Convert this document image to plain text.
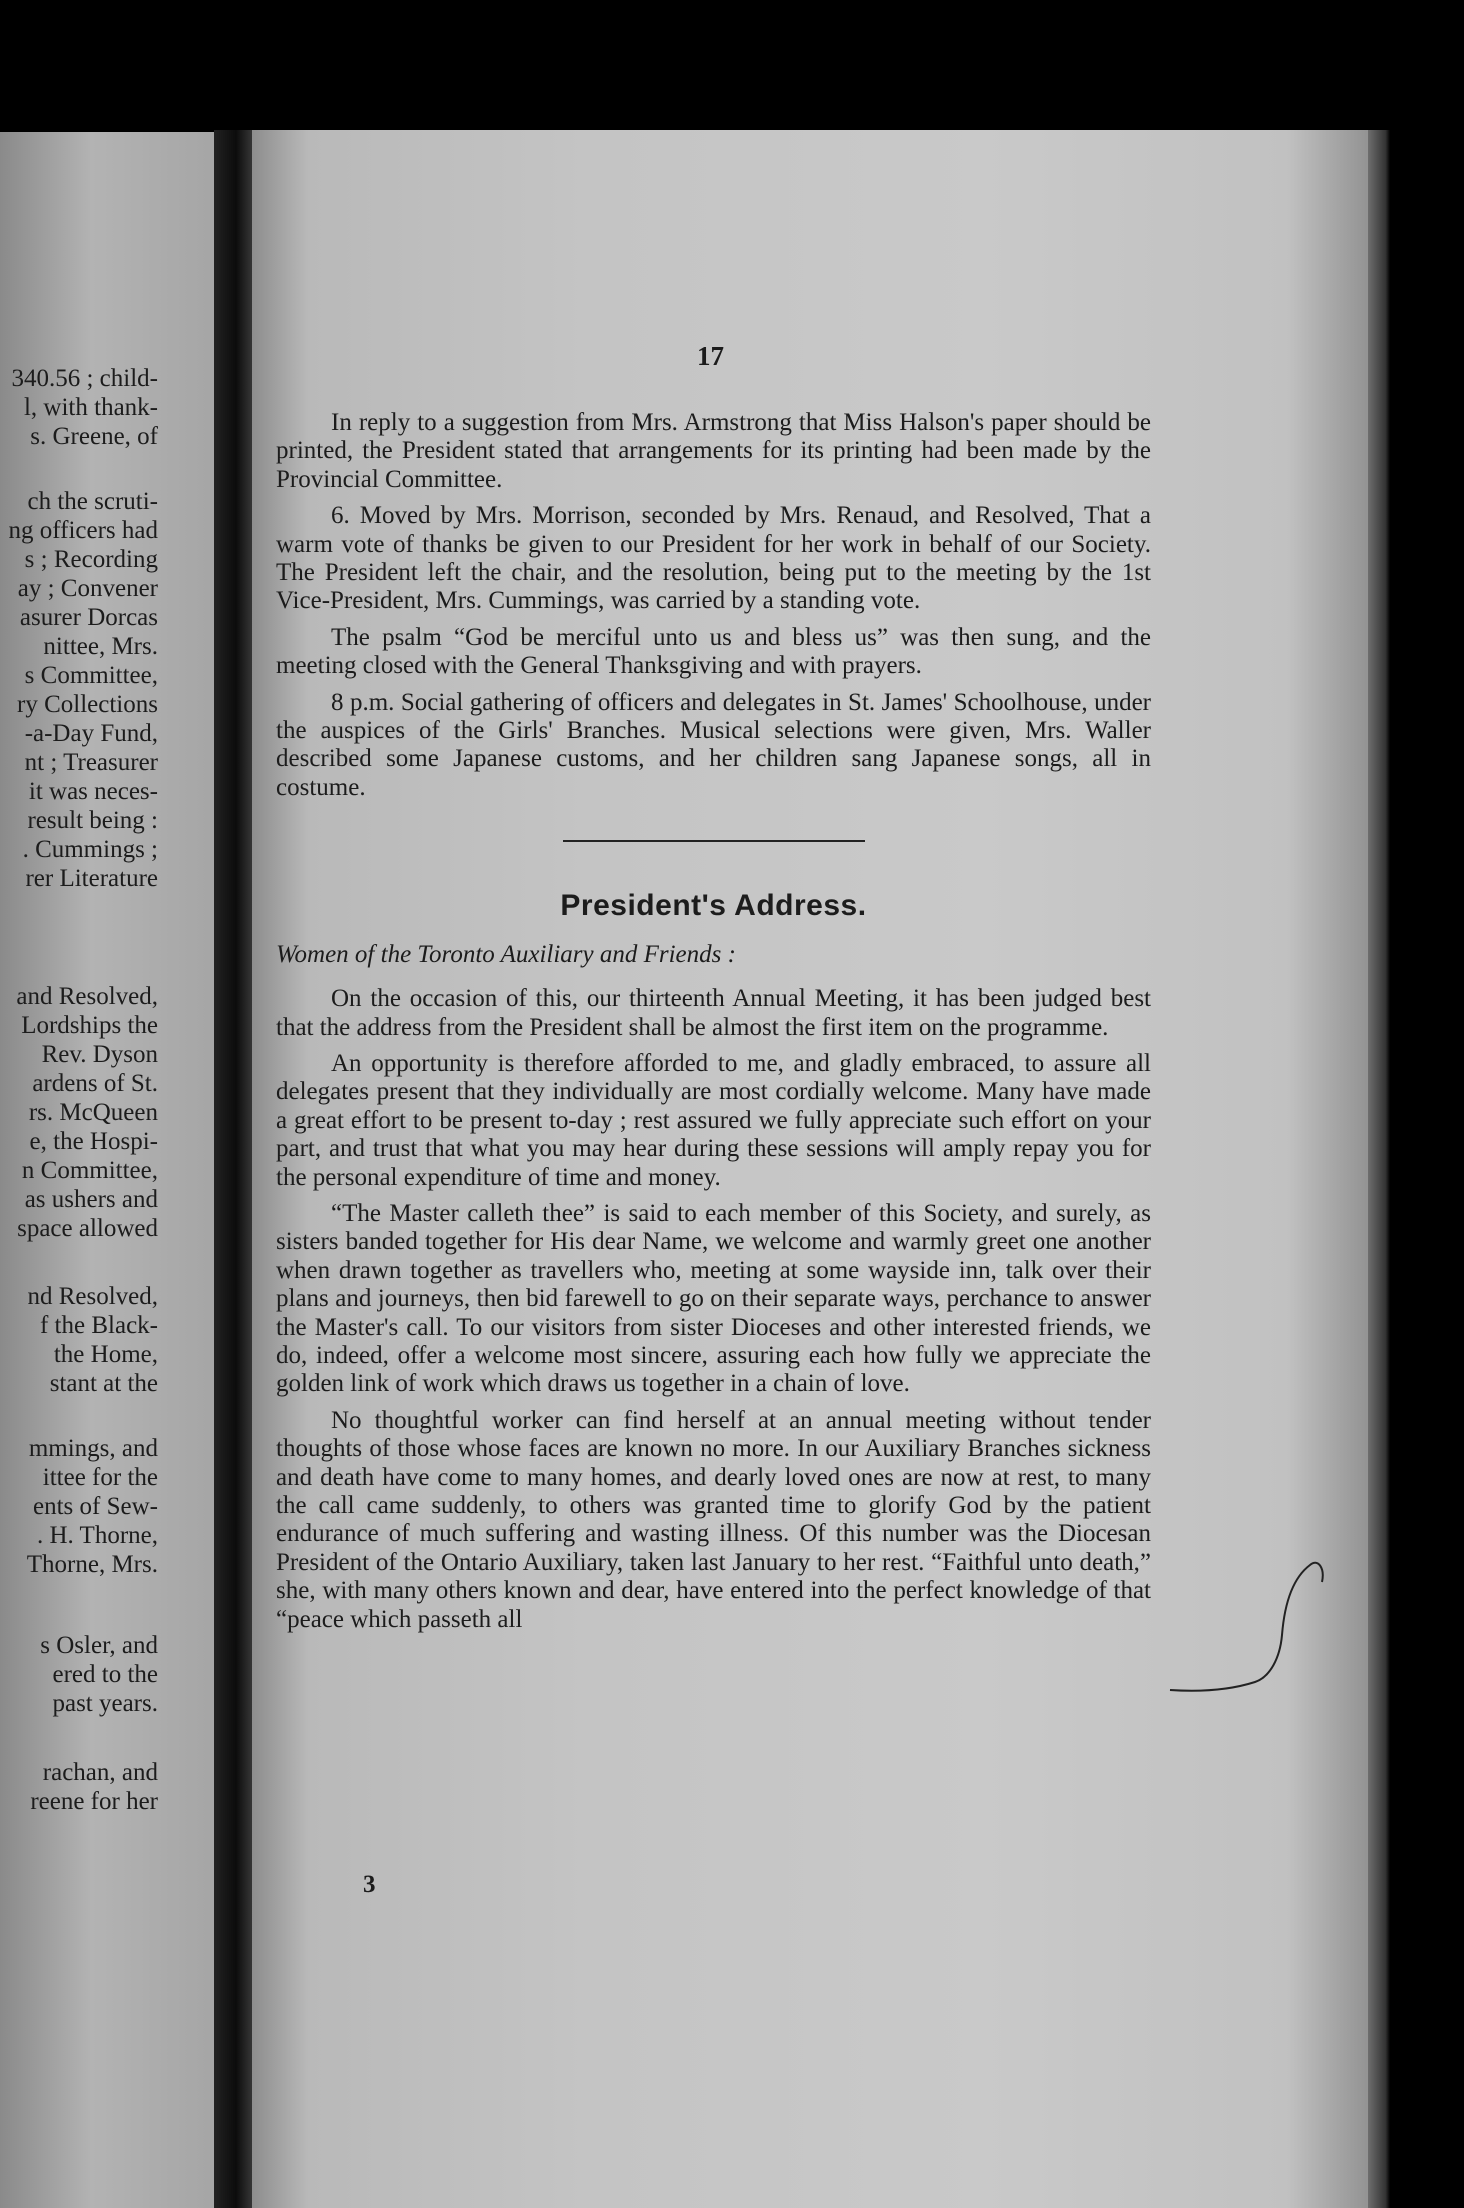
340.56 ; child-
l, with thank-
s. Greene, of
ch the scruti-
ng officers had
s ; Recording
ay ; Convener
asurer Dorcas
nittee, Mrs.
s Committee,
ry Collections
-a-Day Fund,
nt ; Treasurer
it was neces-
result being :
. Cummings ;
rer Literature
and Resolved,
Lordships the
Rev. Dyson
ardens of St.
rs. McQueen
e, the Hospi-
n Committee,
as ushers and
space allowed
nd Resolved,
f the Black-
the Home,
stant at the
mmings, and
ittee for the
ents of Sew-
. H. Thorne,
Thorne, Mrs.
s Osler, and
ered to the
past years.
rachan, and
reene for her
17

In reply to a suggestion from Mrs. Armstrong that Miss Halson's paper should be printed, the President stated that arrangements for its printing had been made by the Provincial Committee.

6. Moved by Mrs. Morrison, seconded by Mrs. Renaud, and Resolved, That a warm vote of thanks be given to our President for her work in behalf of our Society. The President left the chair, and the resolution, being put to the meeting by the 1st Vice-President, Mrs. Cummings, was carried by a standing vote.

The psalm “God be merciful unto us and bless us” was then sung, and the meeting closed with the General Thanksgiving and with prayers.

8 p.m. Social gathering of officers and delegates in St. James' Schoolhouse, under the auspices of the Girls' Branches. Musical selections were given, Mrs. Waller described some Japanese customs, and her children sang Japanese songs, all in costume.

President's Address.

Women of the Toronto Auxiliary and Friends :

On the occasion of this, our thirteenth Annual Meeting, it has been judged best that the address from the President shall be almost the first item on the programme.

An opportunity is therefore afforded to me, and gladly embraced, to assure all delegates present that they individually are most cordially welcome. Many have made a great effort to be present to-day ; rest assured we fully appreciate such effort on your part, and trust that what you may hear during these sessions will amply repay you for the personal expenditure of time and money.

“The Master calleth thee” is said to each member of this Society, and surely, as sisters banded together for His dear Name, we welcome and warmly greet one another when drawn together as travellers who, meeting at some wayside inn, talk over their plans and journeys, then bid farewell to go on their separate ways, perchance to answer the Master's call. To our visitors from sister Dioceses and other interested friends, we do, indeed, offer a welcome most sincere, assuring each how fully we appreciate the golden link of work which draws us together in a chain of love.

No thoughtful worker can find herself at an annual meeting without tender thoughts of those whose faces are known no more. In our Auxiliary Branches sickness and death have come to many homes, and dearly loved ones are now at rest, to many the call came suddenly, to others was granted time to glorify God by the patient endurance of much suffering and wasting illness. Of this number was the Diocesan President of the Ontario Auxiliary, taken last January to her rest. “Faithful unto death,” she, with many others known and dear, have entered into the perfect knowledge of that “peace which passeth all

3
